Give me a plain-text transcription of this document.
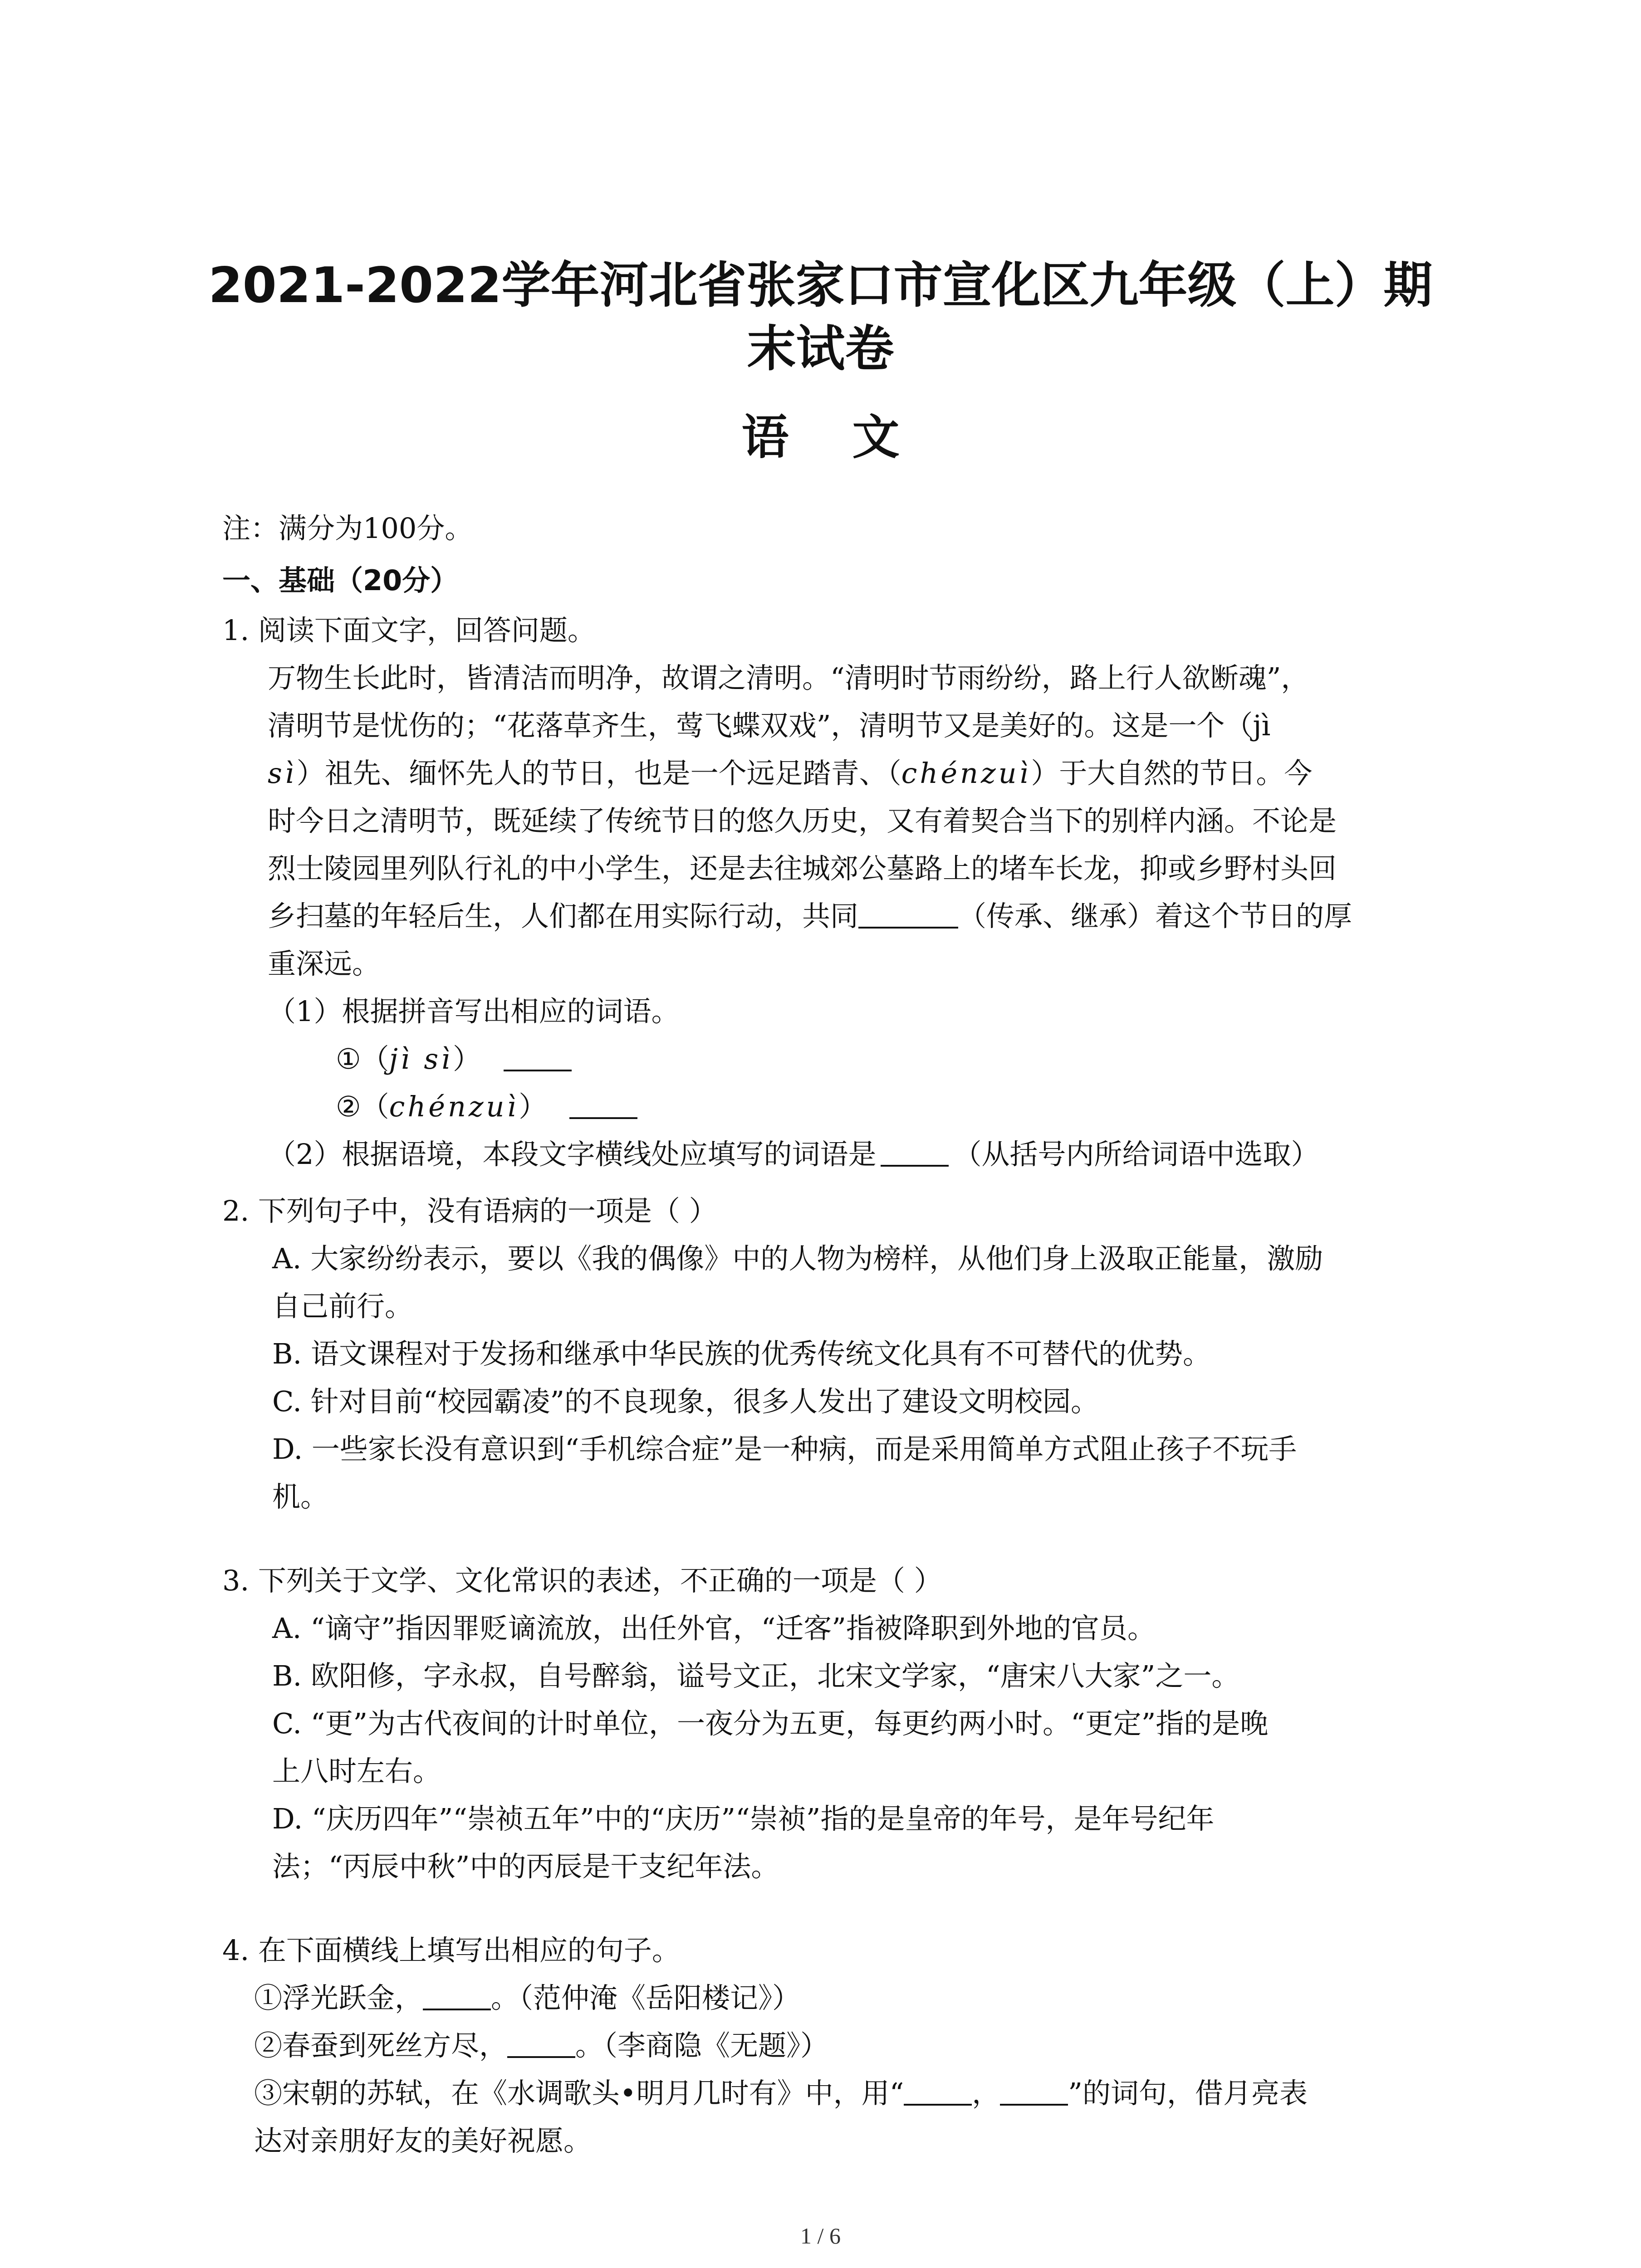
2021-2022学年河北省张家口市宣化区九年级（上）期
末试卷
语文
注：满分为100分。
一、基础（20分）
1. 阅读下面文字，回答问题。
万物生长此时，皆清洁而明净，故谓之清明。“清明时节雨纷纷，路上行人欲断魂”，
清明节是忧伤的；“花落草齐生，莺飞蝶双戏”，清明节又是美好的。这是一个（jì
sì）祖先、缅怀先人的节日，也是一个远足踏青、（chénzuì）于大自然的节日。今
时今日之清明节，既延续了传统节日的悠久历史，又有着契合当下的别样内涵。不论是
烈士陵园里列队行礼的中小学生，还是去往城郊公墓路上的堵车长龙，抑或乡野村头回
乡扫墓的年轻后生，人们都在用实际行动，共同	（传承、继承）着这个节日的厚
重深远。
（1）根据拼音写出相应的词语。
①（jì sì）
②（chénzuì）
（2）根据语境，本段文字横线处应填写的词语是	（从括号内所给词语中选取）
2. 下列句子中，没有语病的一项是（ ）
A. 大家纷纷表示，要以《我的偶像》中的人物为榜样，从他们身上汲取正能量，激励
自己前行。
B. 语文课程对于发扬和继承中华民族的优秀传统文化具有不可替代的优势。
C. 针对目前“校园霸凌”的不良现象，很多人发出了建设文明校园。
D. 一些家长没有意识到“手机综合症”是一种病，而是采用简单方式阻止孩子不玩手
机。
3. 下列关于文学、文化常识的表述，不正确的一项是（ ）
A. “谪守”指因罪贬谪流放，出任外官，“迁客”指被降职到外地的官员。
B. 欧阳修，字永叔，自号醉翁，谥号文正，北宋文学家，“唐宋八大家”之一。
C. “更”为古代夜间的计时单位，一夜分为五更，每更约两小时。“更定”指的是晚
上八时左右。
D. “庆历四年”“崇祯五年”中的“庆历”“崇祯”指的是皇帝的年号，是年号纪年
法；“丙辰中秋”中的丙辰是干支纪年法。
4. 在下面横线上填写出相应的句子。
①浮光跃金， 。（范仲淹《岳阳楼记》）
②春蚕到死丝方尽， 。（李商隐《无题》）
③宋朝的苏轼，在《水调歌头•明月几时有》中，用“ ， ”的词句，借月亮表
达对亲朋好友的美好祝愿。
1 / 6
